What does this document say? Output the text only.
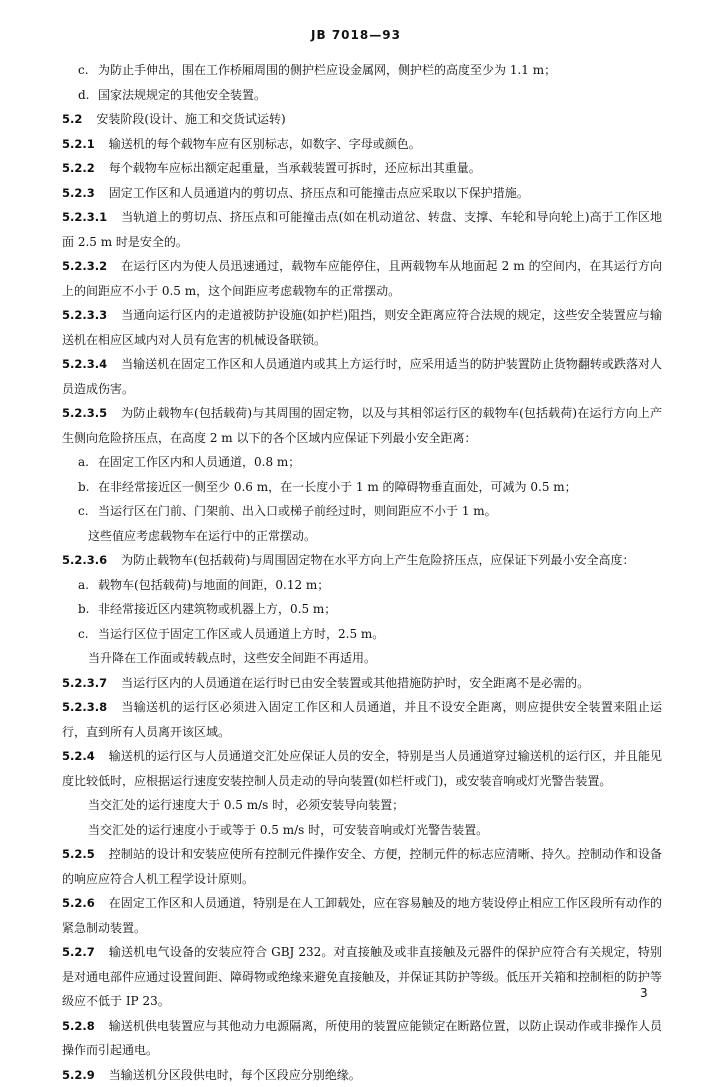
JB 7018—93

c. 为防止手伸出，围在工作桥厢周围的侧护栏应设金属网，侧护栏的高度至少为 1.1 m；

d. 国家法规规定的其他安全装置。

5.2 安装阶段(设计、施工和交货试运转)

5.2.1 输送机的每个载物车应有区别标志，如数字、字母或颜色。

5.2.2 每个载物车应标出额定起重量，当承载装置可拆时，还应标出其重量。

5.2.3 固定工作区和人员通道内的剪切点、挤压点和可能撞击点应采取以下保护措施。

5.2.3.1 当轨道上的剪切点、挤压点和可能撞击点(如在机动道岔、转盘、支撑、车轮和导向轮上)高于工作区地面 2.5 m 时是安全的。

5.2.3.2 在运行区内为使人员迅速通过，载物车应能停住，且两载物车从地面起 2 m 的空间内，在其运行方向上的间距应不小于 0.5 m，这个间距应考虑载物车的正常摆动。

5.2.3.3 当通向运行区内的走道被防护设施(如护栏)阻挡，则安全距离应符合法规的规定，这些安全装置应与输送机在相应区域内对人员有危害的机械设备联锁。

5.2.3.4 当输送机在固定工作区和人员通道内或其上方运行时，应采用适当的防护装置防止货物翻转或跌落对人员造成伤害。

5.2.3.5 为防止载物车(包括载荷)与其周围的固定物，以及与其相邻运行区的载物车(包括载荷)在运行方向上产生侧向危险挤压点，在高度 2 m 以下的各个区域内应保证下列最小安全距离：

a. 在固定工作区内和人员通道，0.8 m；

b. 在非经常接近区一侧至少 0.6 m，在一长度小于 1 m 的障碍物垂直面处，可减为 0.5 m；

c. 当运行区在门前、门架前、出入口或梯子前经过时，则间距应不小于 1 m。

这些值应考虑载物车在运行中的正常摆动。

5.2.3.6 为防止载物车(包括载荷)与周围固定物在水平方向上产生危险挤压点，应保证下列最小安全高度：

a. 载物车(包括载荷)与地面的间距，0.12 m；

b. 非经常接近区内建筑物或机器上方，0.5 m；

c. 当运行区位于固定工作区或人员通道上方时，2.5 m。

当升降在工作面或转载点时，这些安全间距不再适用。

5.2.3.7 当运行区内的人员通道在运行时已由安全装置或其他措施防护时，安全距离不是必需的。

5.2.3.8 当输送机的运行区必须进入固定工作区和人员通道，并且不设安全距离，则应提供安全装置来阻止运行，直到所有人员离开该区域。

5.2.4 输送机的运行区与人员通道交汇处应保证人员的安全，特别是当人员通道穿过输送机的运行区，并且能见度比较低时，应根据运行速度安装控制人员走动的导向装置(如栏杆或门)，或安装音响或灯光警告装置。

当交汇处的运行速度大于 0.5 m/s 时，必须安装导向装置；

当交汇处的运行速度小于或等于 0.5 m/s 时，可安装音响或灯光警告装置。

5.2.5 控制站的设计和安装应使所有控制元件操作安全、方便，控制元件的标志应清晰、持久。控制动作和设备的响应应符合人机工程学设计原则。

5.2.6 在固定工作区和人员通道，特别是在人工卸载处，应在容易触及的地方装设停止相应工作区段所有动作的紧急制动装置。

5.2.7 输送机电气设备的安装应符合 GBJ 232。对直接触及或非直接触及元器件的保护应符合有关规定，特别是对通电部件应通过设置间距、障碍物或绝缘来避免直接触及，并保证其防护等级。低压开关箱和控制柜的防护等级应不低于 IP 23。

5.2.8 输送机供电装置应与其他动力电源隔离，所使用的装置应能锁定在断路位置，以防止误动作或非操作人员操作而引起通电。

5.2.9 当输送机分区段供电时，每个区段应分别绝缘。

3
